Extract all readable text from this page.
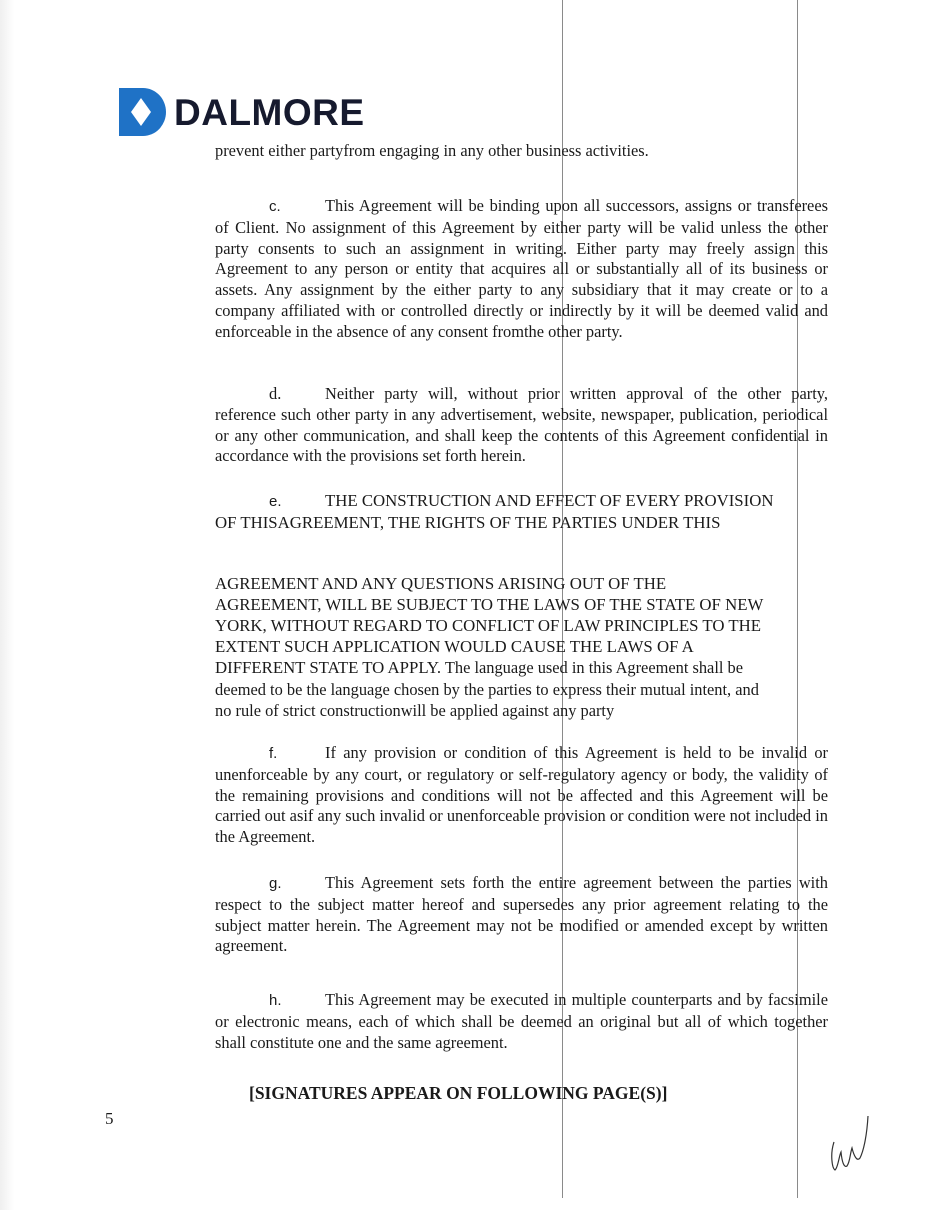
DALMORE
prevent either partyfrom engaging in any other business activities.
c.	This Agreement will be binding upon all successors, assigns or transferees of Client. No assignment of this Agreement by either party will be valid unless the other party consents to such an assignment in writing. Either party may freely assign this Agreement to any person or entity that acquires all or substantially all of its business or assets. Any assignment by the either party to any subsidiary that it may create or to a company affiliated with or controlled directly or indirectly by it will be deemed valid and enforceable in the absence of any consent fromthe other party.
d.	Neither party will, without prior written approval of the other party, reference such other party in any advertisement, website, newspaper, publication, periodical or any other communication, and shall keep the contents of this Agreement confidential in accordance with the provisions set forth herein.
e.	THE CONSTRUCTION AND EFFECT OF EVERY PROVISION
OF THISAGREEMENT, THE RIGHTS OF THE PARTIES UNDER THIS
AGREEMENT AND ANY QUESTIONS ARISING OUT OF THE
AGREEMENT, WILL BE SUBJECT TO THE LAWS OF THE STATE OF NEW
YORK, WITHOUT REGARD TO CONFLICT OF LAW PRINCIPLES TO THE
EXTENT SUCH APPLICATION WOULD CAUSE THE LAWS OF A
DIFFERENT STATE TO APPLY. The language used in this Agreement shall be
deemed to be the language chosen by the parties to express their mutual intent, and
no rule of strict constructionwill be applied against any party
f.	If any provision or condition of this Agreement is held to be invalid or unenforceable by any court, or regulatory or self-regulatory agency or body, the validity of the remaining provisions and conditions will not be affected and this Agreement will be carried out asif any such invalid or unenforceable provision or condition were not included in the Agreement.
g.	This Agreement sets forth the entire agreement between the parties with respect to the subject matter hereof and supersedes any prior agreement relating to the subject matter herein. The Agreement may not be modified or amended except by written agreement.
h.	This Agreement may be executed in multiple counterparts and by facsimile or electronic means, each of which shall be deemed an original but all of which together shall constitute one and the same agreement.
[SIGNATURES APPEAR ON FOLLOWING PAGE(S)]
5
